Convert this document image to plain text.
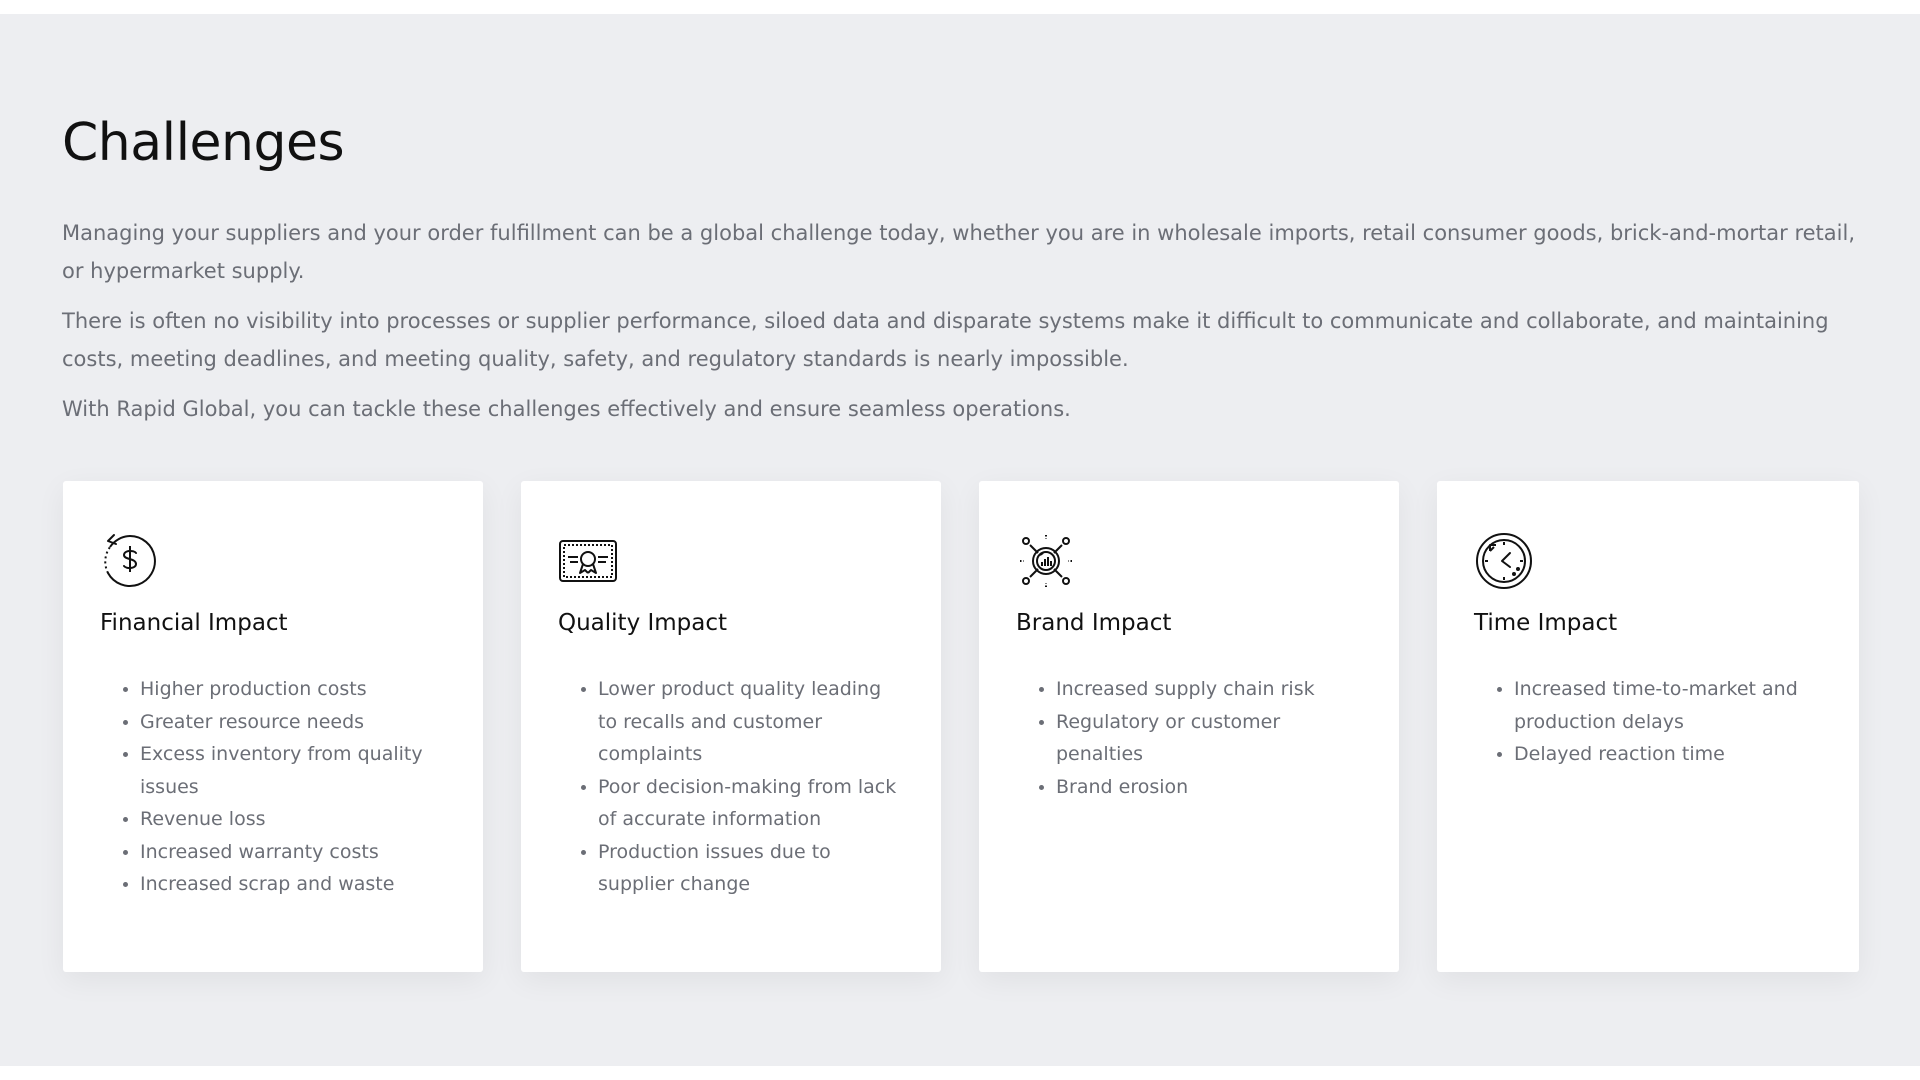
Challenges

Managing your suppliers and your order fulfillment can be a global challenge today, whether you are in wholesale imports, retail consumer goods, brick-and-mortar retail, or hypermarket supply.

There is often no visibility into processes or supplier performance, siloed data and disparate systems make it difficult to communicate and collaborate, and maintaining costs, meeting deadlines, and meeting quality, safety, and regulatory standards is nearly impossible.

With Rapid Global, you can tackle these challenges effectively and ensure seamless operations.

Financial Impact
• Higher production costs
• Greater resource needs
• Excess inventory from quality issues
• Revenue loss
• Increased warranty costs
• Increased scrap and waste
Quality Impact
• Lower product quality leading to recalls and customer complaints
• Poor decision-making from lack of accurate information
• Production issues due to supplier change
Brand Impact
• Increased supply chain risk
• Regulatory or customer penalties
• Brand erosion
Time Impact
• Increased time-to-market and production delays
• Delayed reaction time
